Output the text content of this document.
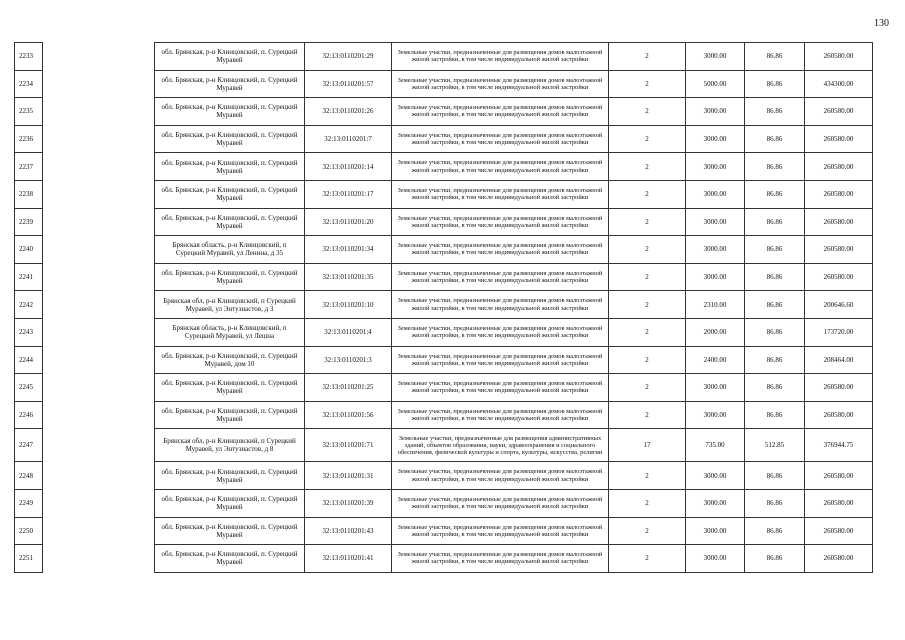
130
2233		обл. Брянская, р-н Клинцовский, п. Сурецкий Муравей	32:13:0110201:29	Земельные участки, предназначенные для размещения домов малоэтажной жилой застройки, в том числе индивидуальной жилой застройки	2	3000.00	86.86	260580.00
2234		обл. Брянская, р-н Клинцовский, п. Сурецкий Муравей	32:13:0110201:57	Земельные участки, предназначенные для размещения домов малоэтажной жилой застройки, в том числе индивидуальной жилой застройки	2	5000.00	86.86	434300.00
2235		обл. Брянская, р-н Клинцовский, п. Сурецкий Муравей	32:13:0110201:26	Земельные участки, предназначенные для размещения домов малоэтажной жилой застройки, в том числе индивидуальной жилой застройки	2	3000.00	86.86	260580.00
2236		обл. Брянская, р-н Клинцовский, п. Сурецкий Муравей	32:13:0110201:7	Земельные участки, предназначенные для размещения домов малоэтажной жилой застройки, в том числе индивидуальной жилой застройки	2	3000.00	86.86	260580.00
2237		обл. Брянская, р-н Клинцовский, п. Сурецкий Муравей	32:13:0110201:14	Земельные участки, предназначенные для размещения домов малоэтажной жилой застройки, в том числе индивидуальной жилой застройки	2	3000.00	86.86	260580.00
2238		обл. Брянская, р-н Клинцовский, п. Сурецкий Муравей	32:13:0110201:17	Земельные участки, предназначенные для размещения домов малоэтажной жилой застройки, в том числе индивидуальной жилой застройки	2	3000.00	86.86	260580.00
2239		обл. Брянская, р-н Клинцовский, п. Сурецкий Муравей	32:13:0110201:20	Земельные участки, предназначенные для размещения домов малоэтажной жилой застройки, в том числе индивидуальной жилой застройки	2	3000.00	86.86	260580.00
2240		Брянская область, р-н Клинцовский, п Сурецкий Муравей, ул Ленина, д 35	32:13:0110201:34	Земельные участки, предназначенные для размещения домов малоэтажной жилой застройки, в том числе индивидуальной жилой застройки	2	3000.00	86.86	260580.00
2241		обл. Брянская, р-н Клинцовский, п. Сурецкий Муравей	32:13:0110201:35	Земельные участки, предназначенные для размещения домов малоэтажной жилой застройки, в том числе индивидуальной жилой застройки	2	3000.00	86.86	260580.00
2242		Брянская обл, р-н Клинцовский, п Сурецкий Муравей, ул Энтузиастов, д 3	32:13:0110201:10	Земельные участки, предназначенные для размещения домов малоэтажной жилой застройки, в том числе индивидуальной жилой застройки	2	2310.00	86.86	200646.60
2243		Брянская область, р-н Клинцовский, п Сурецкий Муравей, ул Лешна	32:13:0110201:4	Земельные участки, предназначенные для размещения домов малоэтажной жилой застройки, в том числе индивидуальной жилой застройки	2	2000.00	86.86	173720.00
2244		обл. Брянская, р-н Клинцовский, п. Сурецкий Муравей, дом 10	32:13:0110201:3	Земельные участки, предназначенные для размещения домов малоэтажной жилой застройки, в том числе индивидуальной жилой застройки	2	2400.00	86.86	208464.00
2245		обл. Брянская, р-н Клинцовский, п. Сурецкий Муравей	32:13:0110201:25	Земельные участки, предназначенные для размещения домов малоэтажной жилой застройки, в том числе индивидуальной жилой застройки	2	3000.00	86.86	260580.00
2246		обл. Брянская, р-н Клинцовский, п. Сурецкий Муравей	32:13:0110201:56	Земельные участки, предназначенные для размещения домов малоэтажной жилой застройки, в том числе индивидуальной жилой застройки	2	3000.00	86.86	260580.00
2247		Брянская обл, р-н Клинцовский, п Сурецкий Муравей, ул Энтузиастов, д 8	32:13:0110201:71	Земельные участки, предназначенные для размещения административных зданий, объектов образования, науки, здравоохранения и социального обеспечения, физической культуры и спорта, культуры, искусства, религии	17	735.00	512.85	376944.75
2248		обл. Брянская, р-н Клинцовский, п. Сурецкий Муравей	32:13:0110201:31	Земельные участки, предназначенные для размещения домов малоэтажной жилой застройки, в том числе индивидуальной жилой застройки	2	3000.00	86.86	260580.00
2249		обл. Брянская, р-н Клинцовский, п. Сурецкий Муравей	32:13:0110201:39	Земельные участки, предназначенные для размещения домов малоэтажной жилой застройки, в том числе индивидуальной жилой застройки	2	3000.00	86.86	260580.00
2250		обл. Брянская, р-н Клинцовский, п. Сурецкий Муравей	32:13:0110201:43	Земельные участки, предназначенные для размещения домов малоэтажной жилой застройки, в том числе индивидуальной жилой застройки	2	3000.00	86.86	260580.00
2251		обл. Брянская, р-н Клинцовский, п. Сурецкий Муравей	32:13:0110201:41	Земельные участки, предназначенные для размещения домов малоэтажной жилой застройки, в том числе индивидуальной жилой застройки	2	3000.00	86.86	260580.00
